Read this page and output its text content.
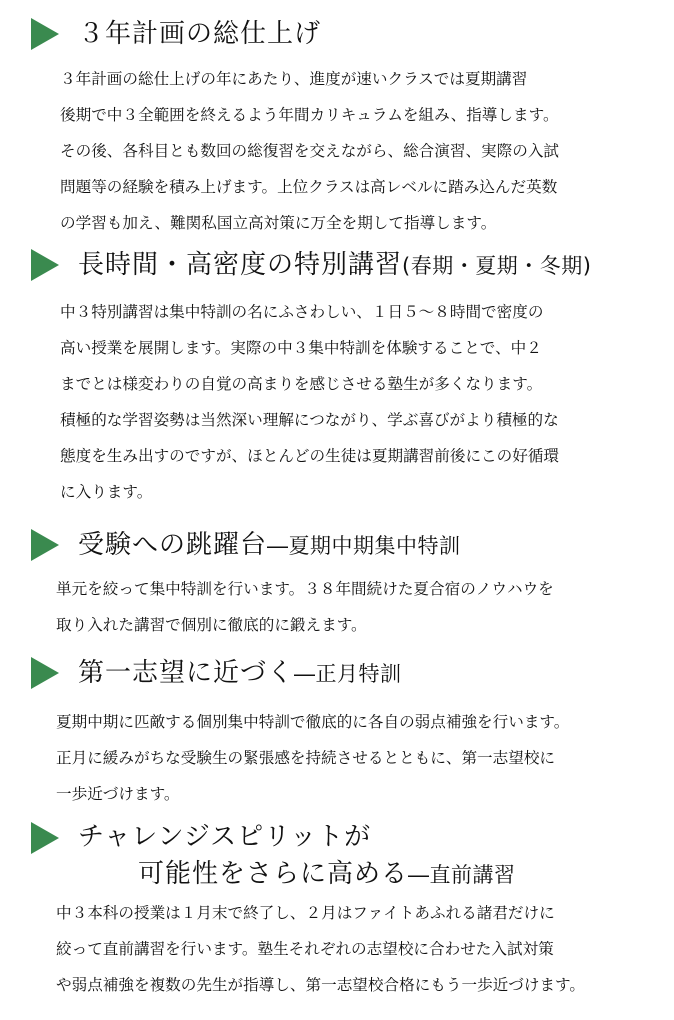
３年計画の総仕上げ
３年計画の総仕上げの年にあたり、進度が速いクラスでは夏期講習
後期で中３全範囲を終えるよう年間カリキュラムを組み、指導します。
その後、各科目とも数回の総復習を交えながら、総合演習、実際の入試
問題等の経験を積み上げます。上位クラスは高レベルに踏み込んだ英数
の学習も加え、難関私国立高対策に万全を期して指導します。
長時間・高密度の特別講習(春期・夏期・冬期)
中３特別講習は集中特訓の名にふさわしい、１日５～８時間で密度の
高い授業を展開します。実際の中３集中特訓を体験することで、中２
までとは様変わりの自覚の高まりを感じさせる塾生が多くなります。
積極的な学習姿勢は当然深い理解につながり、学ぶ喜びがより積極的な
態度を生み出すのですが、ほとんどの生徒は夏期講習前後にこの好循環
に入ります。
受験への跳躍台―夏期中期集中特訓
単元を絞って集中特訓を行います。３８年間続けた夏合宿のノウハウを
取り入れた講習で個別に徹底的に鍛えます。
第一志望に近づく―正月特訓
夏期中期に匹敵する個別集中特訓で徹底的に各自の弱点補強を行います。
正月に緩みがちな受験生の緊張感を持続させるとともに、第一志望校に
一歩近づけます。
チャレンジスピリットが
可能性をさらに高める―直前講習
中３本科の授業は１月末で終了し、２月はファイトあふれる諸君だけに
絞って直前講習を行います。塾生それぞれの志望校に合わせた入試対策
や弱点補強を複数の先生が指導し、第一志望校合格にもう一歩近づけます。
